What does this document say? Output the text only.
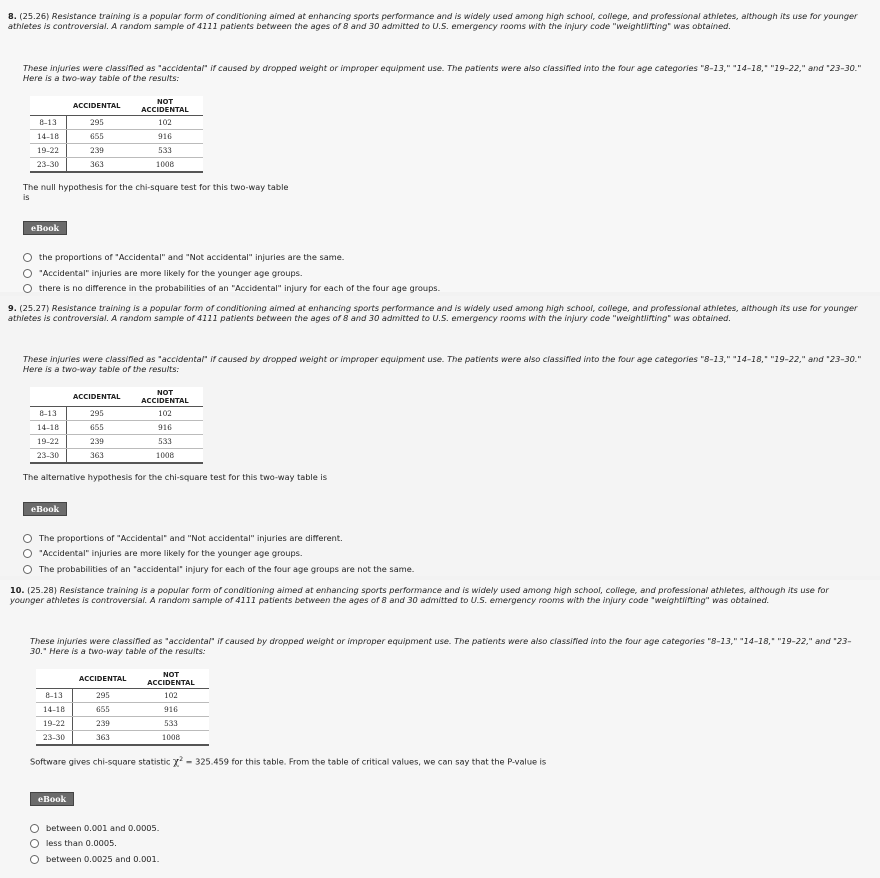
8. (25.26) Resistance training is a popular form of conditioning aimed at enhancing sports performance and is widely used among high school, college, and professional athletes, although its use for younger athletes is controversial. A random sample of 4111 patients between the ages of 8 and 30 admitted to U.S. emergency rooms with the injury code "weightlifting" was obtained.
These injuries were classified as "accidental" if caused by dropped weight or improper equipment use. The patients were also classified into the four age categories "8–13," "14–18," "19–22," and "23–30." Here is a two-way table of the results:
	ACCIDENTAL	NOT ACCIDENTAL
8–13	295	102
14–18	655	916
19–22	239	533
23–30	363	1008
The null hypothesis for the chi-square test for this two-way table is
eBook
the proportions of "Accidental" and "Not accidental" injuries are the same.
"Accidental" injuries are more likely for the younger age groups.
there is no difference in the probabilities of an "Accidental" injury for each of the four age groups.
9. (25.27) Resistance training is a popular form of conditioning aimed at enhancing sports performance and is widely used among high school, college, and professional athletes, although its use for younger athletes is controversial. A random sample of 4111 patients between the ages of 8 and 30 admitted to U.S. emergency rooms with the injury code "weightlifting" was obtained.
These injuries were classified as "accidental" if caused by dropped weight or improper equipment use. The patients were also classified into the four age categories "8–13," "14–18," "19–22," and "23–30." Here is a two-way table of the results:
	ACCIDENTAL	NOT ACCIDENTAL
8–13	295	102
14–18	655	916
19–22	239	533
23–30	363	1008
The alternative hypothesis for the chi-square test for this two-way table is
eBook
The proportions of "Accidental" and "Not accidental" injuries are different.
"Accidental" injuries are more likely for the younger age groups.
The probabilities of an "accidental" injury for each of the four age groups are not the same.
10. (25.28) Resistance training is a popular form of conditioning aimed at enhancing sports performance and is widely used among high school, college, and professional athletes, although its use for younger athletes is controversial. A random sample of 4111 patients between the ages of 8 and 30 admitted to U.S. emergency rooms with the injury code "weightlifting" was obtained.
These injuries were classified as "accidental" if caused by dropped weight or improper equipment use. The patients were also classified into the four age categories "8–13," "14–18," "19–22," and "23–30." Here is a two-way table of the results:
	ACCIDENTAL	NOT ACCIDENTAL
8–13	295	102
14–18	655	916
19–22	239	533
23–30	363	1008
Software gives chi-square statistic $\chi^2 = 325.459$ for this table. From the table of critical values, we can say that the P-value is
eBook
between 0.001 and 0.0005.
less than 0.0005.
between 0.0025 and 0.001.
